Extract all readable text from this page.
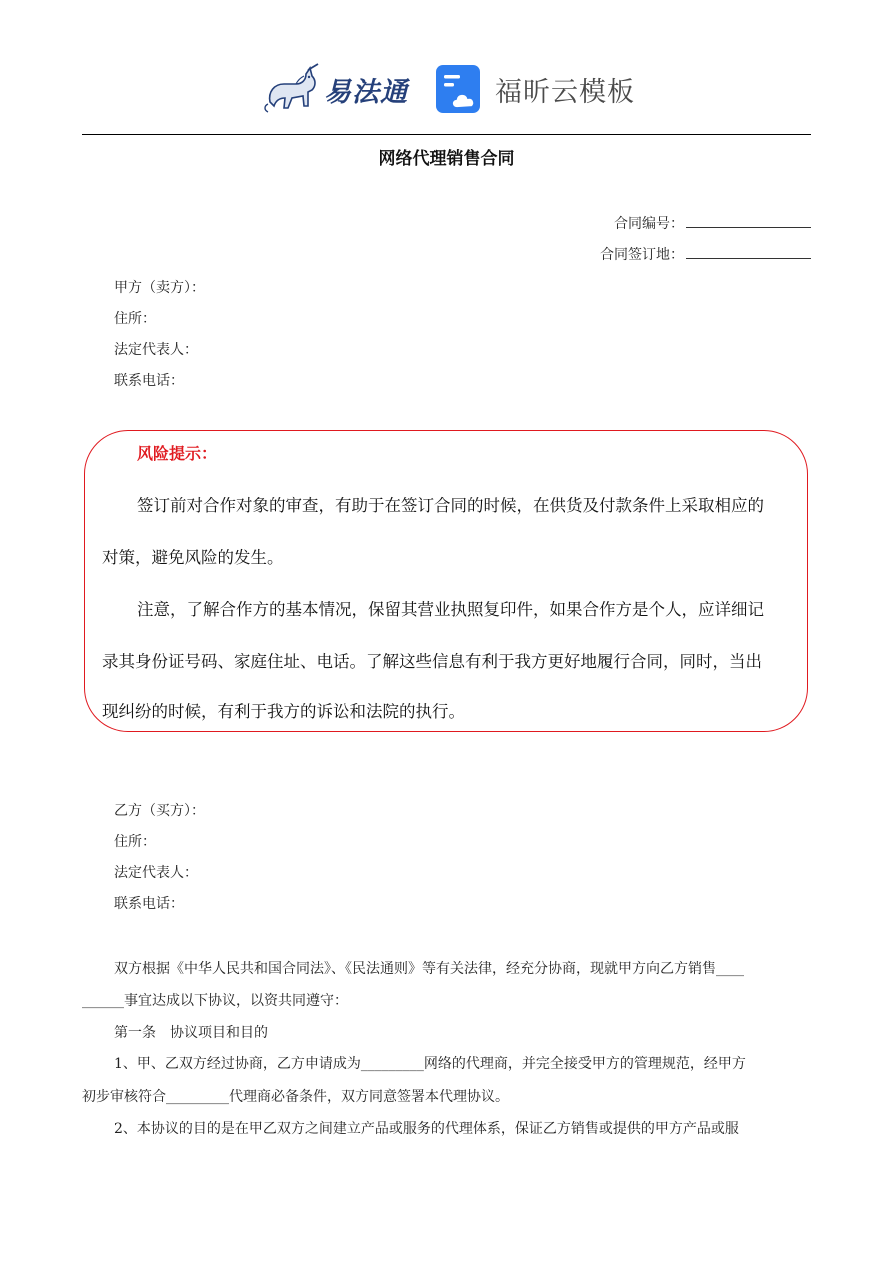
易法通	福昕云模板
网络代理销售合同
合同编号：
合同签订地：
甲方（卖方）：
住所：
法定代表人：
联系电话：
风险提示：
签订前对合作对象的审查，有助于在签订合同的时候，在供货及付款条件上采取相应的
对策，避免风险的发生。
注意，了解合作方的基本情况，保留其营业执照复印件，如果合作方是个人，应详细记
录其身份证号码、家庭住址、电话。了解这些信息有利于我方更好地履行合同，同时，当出
现纠纷的时候，有利于我方的诉讼和法院的执行。
乙方（买方）：
住所：
法定代表人：
联系电话：
双方根据《中华人民共和国合同法》、《民法通则》等有关法律，经充分协商，现就甲方向乙方销售____
______事宜达成以下协议，以资共同遵守：
第一条　协议项目和目的
1、甲、乙双方经过协商，乙方申请成为_________网络的代理商，并完全接受甲方的管理规范，经甲方
初步审核符合_________代理商必备条件，双方同意签署本代理协议。
2、本协议的目的是在甲乙双方之间建立产品或服务的代理体系，保证乙方销售或提供的甲方产品或服
